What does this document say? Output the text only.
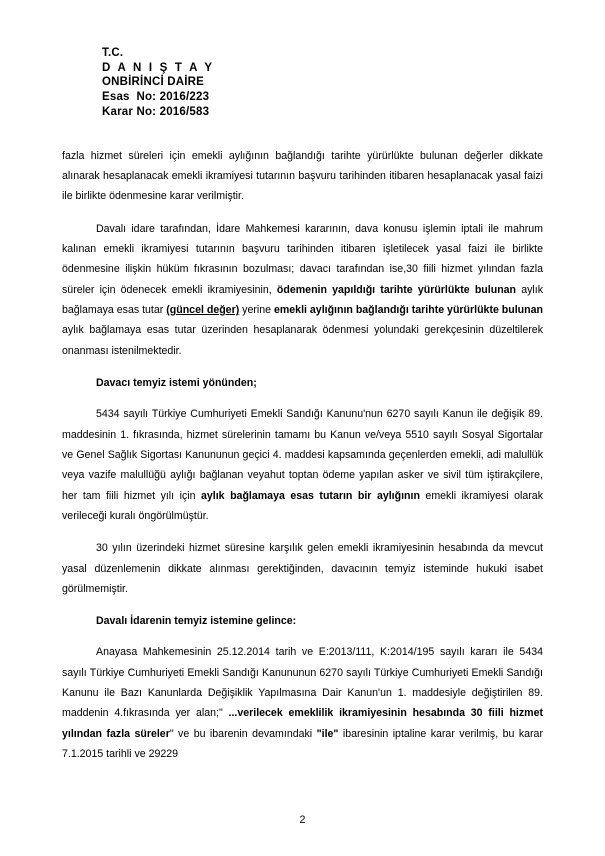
T.C.
D A N I Ş T A Y
ONBİRİNCİ DAİRE
Esas  No: 2016/223
Karar No: 2016/583

fazla hizmet süreleri için emekli aylığının bağlandığı tarihte yürürlükte bulunan değerler dikkate alınarak hesaplanacak emekli ikramiyesi tutarının başvuru tarihinden itibaren hesaplanacak yasal faizi ile birlikte ödenmesine karar verilmiştir.

Davalı idare tarafından, İdare Mahkemesi kararının, dava konusu işlemin iptali ile mahrum kalınan emekli ikramiyesi tutarının başvuru tarihinden itibaren işletilecek yasal faizi ile birlikte ödenmesine ilişkin hüküm fıkrasının bozulması; davacı tarafından ise,30 fiili hizmet yılından fazla süreler için ödenecek emekli ikramiyesinin, ödemenin yapıldığı tarihte yürürlükte bulunan aylık bağlamaya esas tutar (güncel değer) yerine emekli aylığının bağlandığı tarihte yürürlükte bulunan aylık bağlamaya esas tutar üzerinden hesaplanarak ödenmesi yolundaki gerekçesinin düzeltilerek onanması istenilmektedir.

Davacı temyiz istemi yönünden;

5434 sayılı Türkiye Cumhuriyeti Emekli Sandığı Kanunu'nun 6270 sayılı Kanun ile değişik 89. maddesinin 1. fıkrasında, hizmet sürelerinin tamamı bu Kanun ve/veya 5510 sayılı Sosyal Sigortalar ve Genel Sağlık Sigortası Kanununun geçici 4. maddesi kapsamında geçenlerden emekli, adi malullük veya vazife malullüğü aylığı bağlanan veyahut toptan ödeme yapılan asker ve sivil tüm iştirakçilere, her tam fiili hizmet yılı için aylık bağlamaya esas tutarın bir aylığının emekli ikramiyesi olarak verileceği kuralı öngörülmüştür.

30 yılın üzerindeki hizmet süresine karşılık gelen emekli ikramiyesinin hesabında da mevcut yasal düzenlemenin dikkate alınması gerektiğinden, davacının temyiz isteminde hukuki isabet görülmemiştir.

Davalı İdarenin temyiz istemine gelince:

Anayasa Mahkemesinin 25.12.2014 tarih ve E:2013/111, K:2014/195 sayılı kararı ile 5434 sayılı Türkiye Cumhuriyeti Emekli Sandığı Kanununun 6270 sayılı Türkiye Cumhuriyeti Emekli Sandığı Kanunu ile Bazı Kanunlarda Değişiklik Yapılmasına Dair Kanun'un 1. maddesiyle değiştirilen 89. maddenin 4.fıkrasında yer alan;" ...verilecek emeklilik ikramiyesinin hesabında 30 fiili hizmet yılından fazla süreler" ve bu ibarenin devamındaki "ile" ibaresinin iptaline karar verilmiş, bu karar 7.1.2015 tarihli ve 29229

2
